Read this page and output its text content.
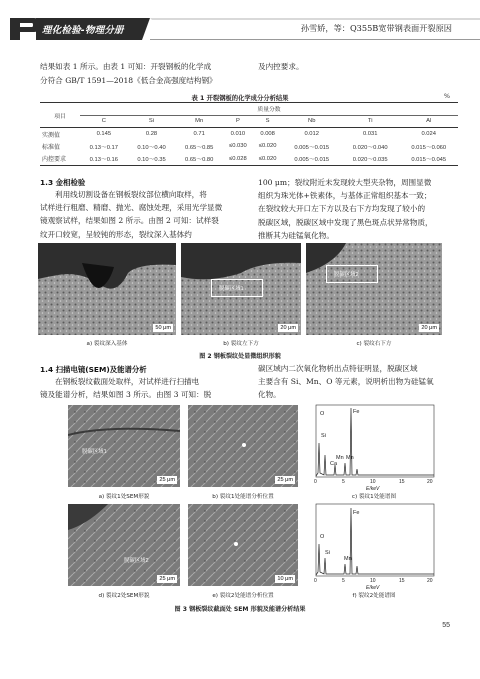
理化检验-物理分册	孙雪娇，等：Q355B宽带钢表面开裂原因
结果如表 1 所示。由表 1 可知：开裂钢板的化学成
分符合 GB/T 1591—2018《低合金高强度结构钢》
及内控要求。
表 1 开裂钢板的化学成分分析结果	%
项目	质量分数							
	C	Si	Mn	P	S	Nb	Ti	Al
实测值	0.145	0.28	0.71	0.010	0.008	0.012	0.031	0.024
标准值	0.13～0.17	0.10～0.40	0.65～0.85	≤0.030	≤0.020	0.005～0.015	0.020～0.040	0.015～0.060
内控要求	0.13～0.16	0.10～0.35	0.65～0.80	≤0.028	≤0.020	0.005～0.015	0.020～0.035	0.015～0.045
1.3 金相检验
利用线切割设备在钢板裂纹部位横向取样，将
试样进行粗磨、精磨、抛光、腐蚀处理，采用光学显微
镜观察试样，结果如图 2 所示。由图 2 可知：试样裂
纹开口较宽，呈较钝的形态，裂纹深入基体约
100 μm；裂纹附近未发现较大型夹杂物，周围显微
组织为珠光体+铁素体，与基体正常组织基本一致；
在裂纹较大开口左下方以及右下方均发现了较小的
脱碳区域，脱碳区域中发现了黑色斑点状异常物质，
推断其为硅锰氧化物。
50 μm
a) 裂纹深入基体
脱碳区域1
20 μm
b) 裂纹左下方
脱碳区域2
20 μm
c) 裂纹右下方
图 2 钢板裂纹处显微组织形貌
1.4 扫描电镜(SEM)及能谱分析
在钢板裂纹截面处取样，对试样进行扫描电
镜及能谱分析，结果如图 3 所示。由图 3 可知：脱
碳区域内二次氧化物析出点特征明显，脱碳区域
主要含有 Si、Mn、O 等元素，说明析出物为硅锰氧
化物。
脱碳区域1
25 μm
a) 裂纹1处SEM形貌
25 μm
b) 裂纹1处能谱分析位置
O	Fe
Si
Mn
Ca
Mn
0	5	10	15	20
E/keV
c) 裂纹1处能谱图
脱碳区域2
25 μm
d) 裂纹2处SEM形貌
10 μm
e) 裂纹2处能谱分析位置
O
Fe
Si
Mn
0	5	10	15	20
E/keV
f) 裂纹2处能谱图
图 3 钢板裂纹截面处 SEM 形貌及能谱分析结果
55
